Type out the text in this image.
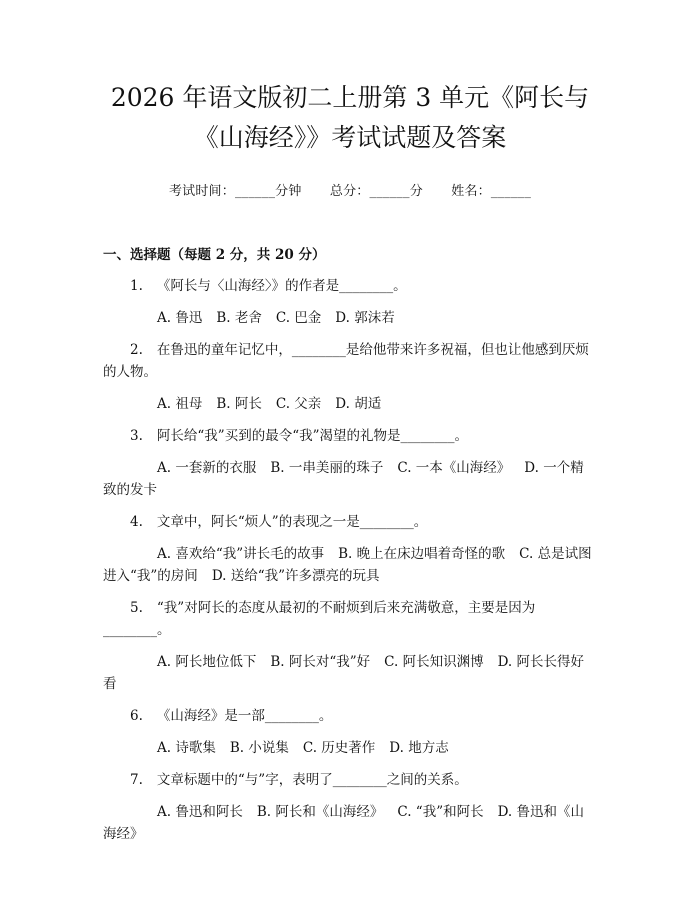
2026 年语文版初二上册第 3 单元《阿长与
《山海经》》考试试题及答案
考试时间：______分钟 总分：______分 姓名：______
一、选择题（每题 2 分，共 20 分）
1. 《阿长与〈山海经〉》的作者是________。
A. 鲁迅 B. 老舍 C. 巴金 D. 郭沫若
2. 在鲁迅的童年记忆中，________是给他带来许多祝福，但也让他感到厌烦的人物。
A. 祖母 B. 阿长 C. 父亲 D. 胡适
3. 阿长给“我”买到的最令“我”渴望的礼物是________。
A. 一套新的衣服 B. 一串美丽的珠子 C. 一本《山海经》 D. 一个精致的发卡
4. 文章中，阿长“烦人”的表现之一是________。
A. 喜欢给“我”讲长毛的故事 B. 晚上在床边唱着奇怪的歌 C. 总是试图进入“我”的房间 D. 送给“我”许多漂亮的玩具
5. “我”对阿长的态度从最初的不耐烦到后来充满敬意，主要是因为________。
A. 阿长地位低下 B. 阿长对“我”好 C. 阿长知识渊博 D. 阿长长得好看
6. 《山海经》是一部________。
A. 诗歌集 B. 小说集 C. 历史著作 D. 地方志
7. 文章标题中的“与”字，表明了________之间的关系。
A. 鲁迅和阿长 B. 阿长和《山海经》 C. “我”和阿长 D. 鲁迅和《山海经》
